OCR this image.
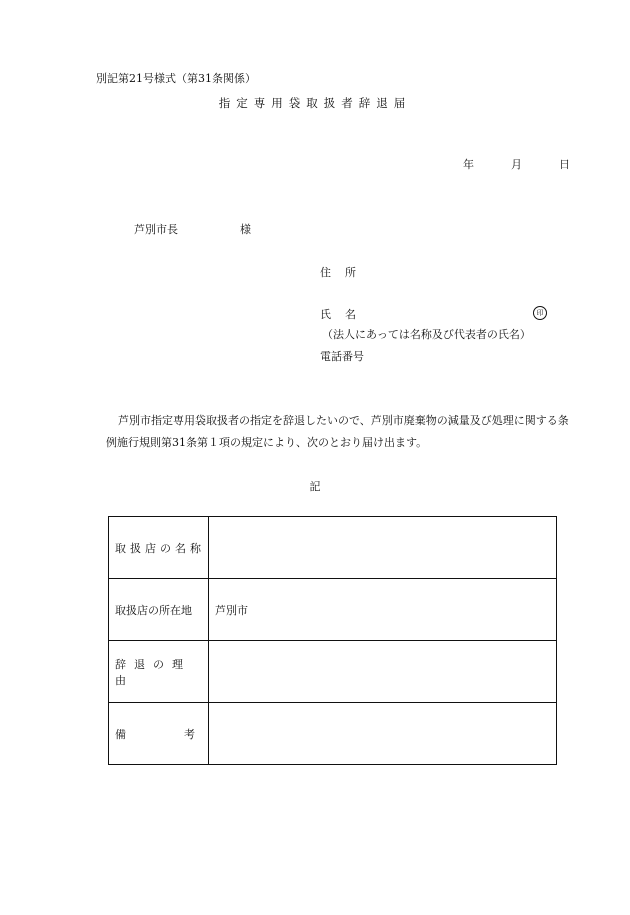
別記第21号様式（第31条関係）
指定専用袋取扱者辞退届
年	月	日
芦別市長	様
住所
氏名	印
（法人にあっては名称及び代表者の氏名）
電話番号
芦別市指定専用袋取扱者の指定を辞退したいので、芦別市廃棄物の減量及び処理に関する条例施行規則第31条第１項の規定により、次のとおり届け出ます。
記
取扱店の名称	
取扱店の所在地	芦別市
辞退の理由	

備 考	
